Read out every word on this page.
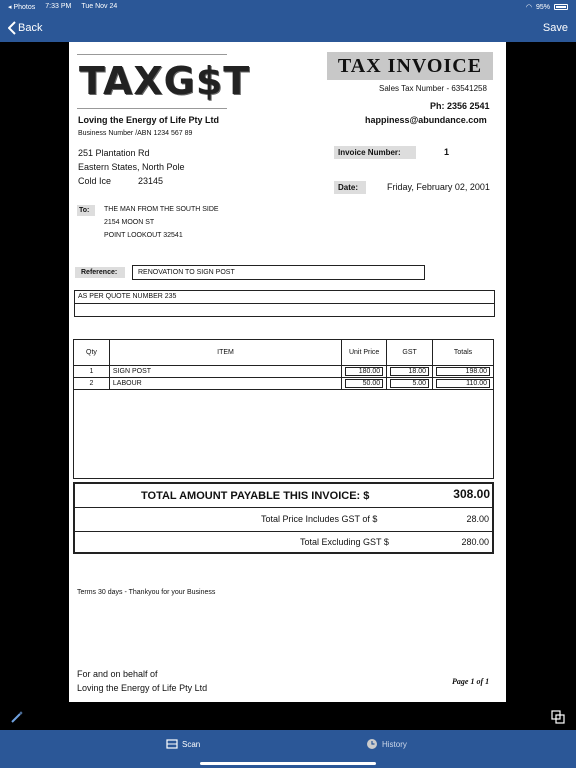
◂ Photos 7:33 PM Tue Nov 24	◠ 95%
Back	Save
TAXG$T	TAX INVOICE
Sales Tax Number - 63541258
Ph: 2356 2541
happiness@abundance.com
Loving the Energy of Life Pty Ltd
Business Number /ABN 1234 567 89
251 Plantation Rd
Eastern States, North Pole
Cold Ice	23145
Invoice Number:	1
Date:	Friday, February 02, 2001
To:	THE MAN FROM THE SOUTH SIDE
2154 MOON ST
POINT LOOKOUT 32541
Reference:	RENOVATION TO SIGN POST
AS PER QUOTE NUMBER 235
Qty	ITEM	Unit Price	GST	Totals
1	SIGN POST	180.00	18.00	198.00

2	LABOUR	50.00	5.00	110.00
TOTAL AMOUNT PAYABLE THIS INVOICE: $	308.00
Total Price Includes GST of $	28.00
Total Excluding GST $	280.00
Terms 30 days - Thankyou for your Business
For and on behalf of
Loving the Energy of Life Pty Ltd
Page 1 of 1
Scan	History
